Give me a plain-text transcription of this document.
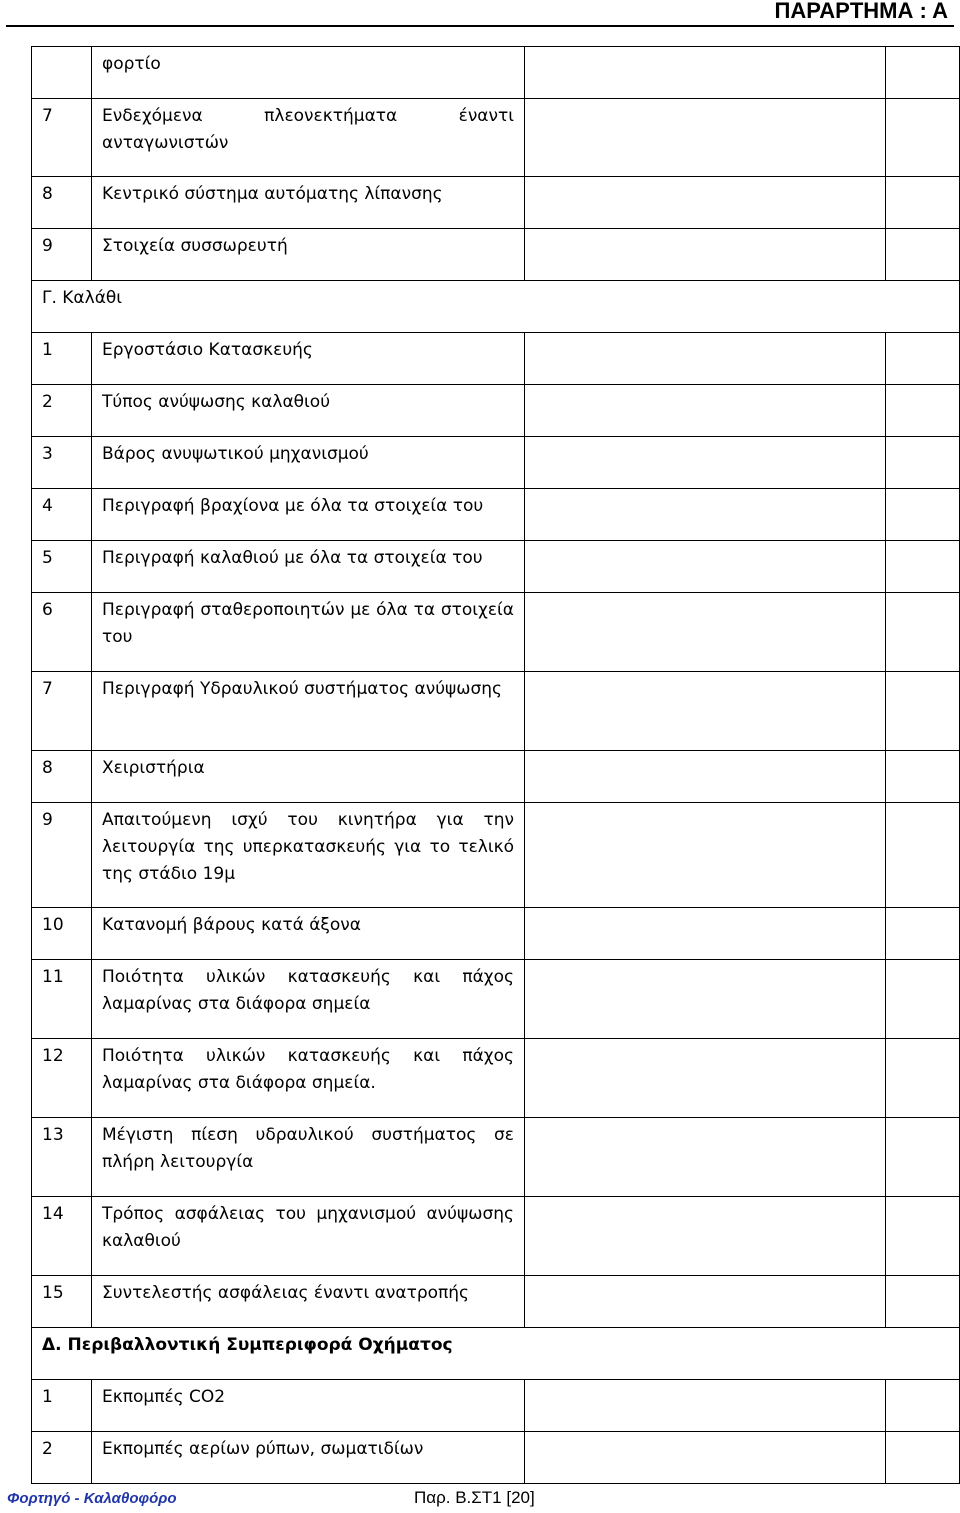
ΠΑΡΑΡΤΗΜΑ : Α
	φορτίο		
7	Ενδεχόμενα πλεονεκτήματα έναντι ανταγωνιστών		
8	Κεντρικό σύστημα αυτόματης λίπανσης		
9	Στοιχεία συσσωρευτή		
Γ. Καλάθι			
1	Εργοστάσιο Κατασκευής		
2	Τύπος ανύψωσης καλαθιού		
3	Βάρος ανυψωτικού μηχανισμού		
4	Περιγραφή βραχίονα με όλα τα στοιχεία του		
5	Περιγραφή καλαθιού με όλα τα στοιχεία του		
6	Περιγραφή σταθεροποιητών με όλα τα στοιχεία του		
7	Περιγραφή Υδραυλικού συστήματος ανύψωσης		
8	Χειριστήρια		
9	Απαιτούμενη ισχύ του κινητήρα για την λειτουργία της υπερκατασκευής για το τελικό της στάδιο 19μ		
10	Κατανομή βάρους κατά άξονα		
11	Ποιότητα υλικών κατασκευής και πάχος λαμαρίνας στα διάφορα σημεία		
12	Ποιότητα υλικών κατασκευής και πάχος λαμαρίνας στα διάφορα σημεία.		
13	Μέγιστη πίεση υδραυλικού συστήματος σε πλήρη λειτουργία		
14	Τρόπος ασφάλειας του μηχανισμού ανύψωσης καλαθιού		
15	Συντελεστής ασφάλειας έναντι ανατροπής		
Δ. Περιβαλλοντική Συμπεριφορά Οχήματος			
1	Εκπομπές CO2		
2	Εκπομπές αερίων ρύπων, σωματιδίων		
Φορτηγό - Καλαθοφόρο	Παρ. Β.ΣΤ1 [20]
